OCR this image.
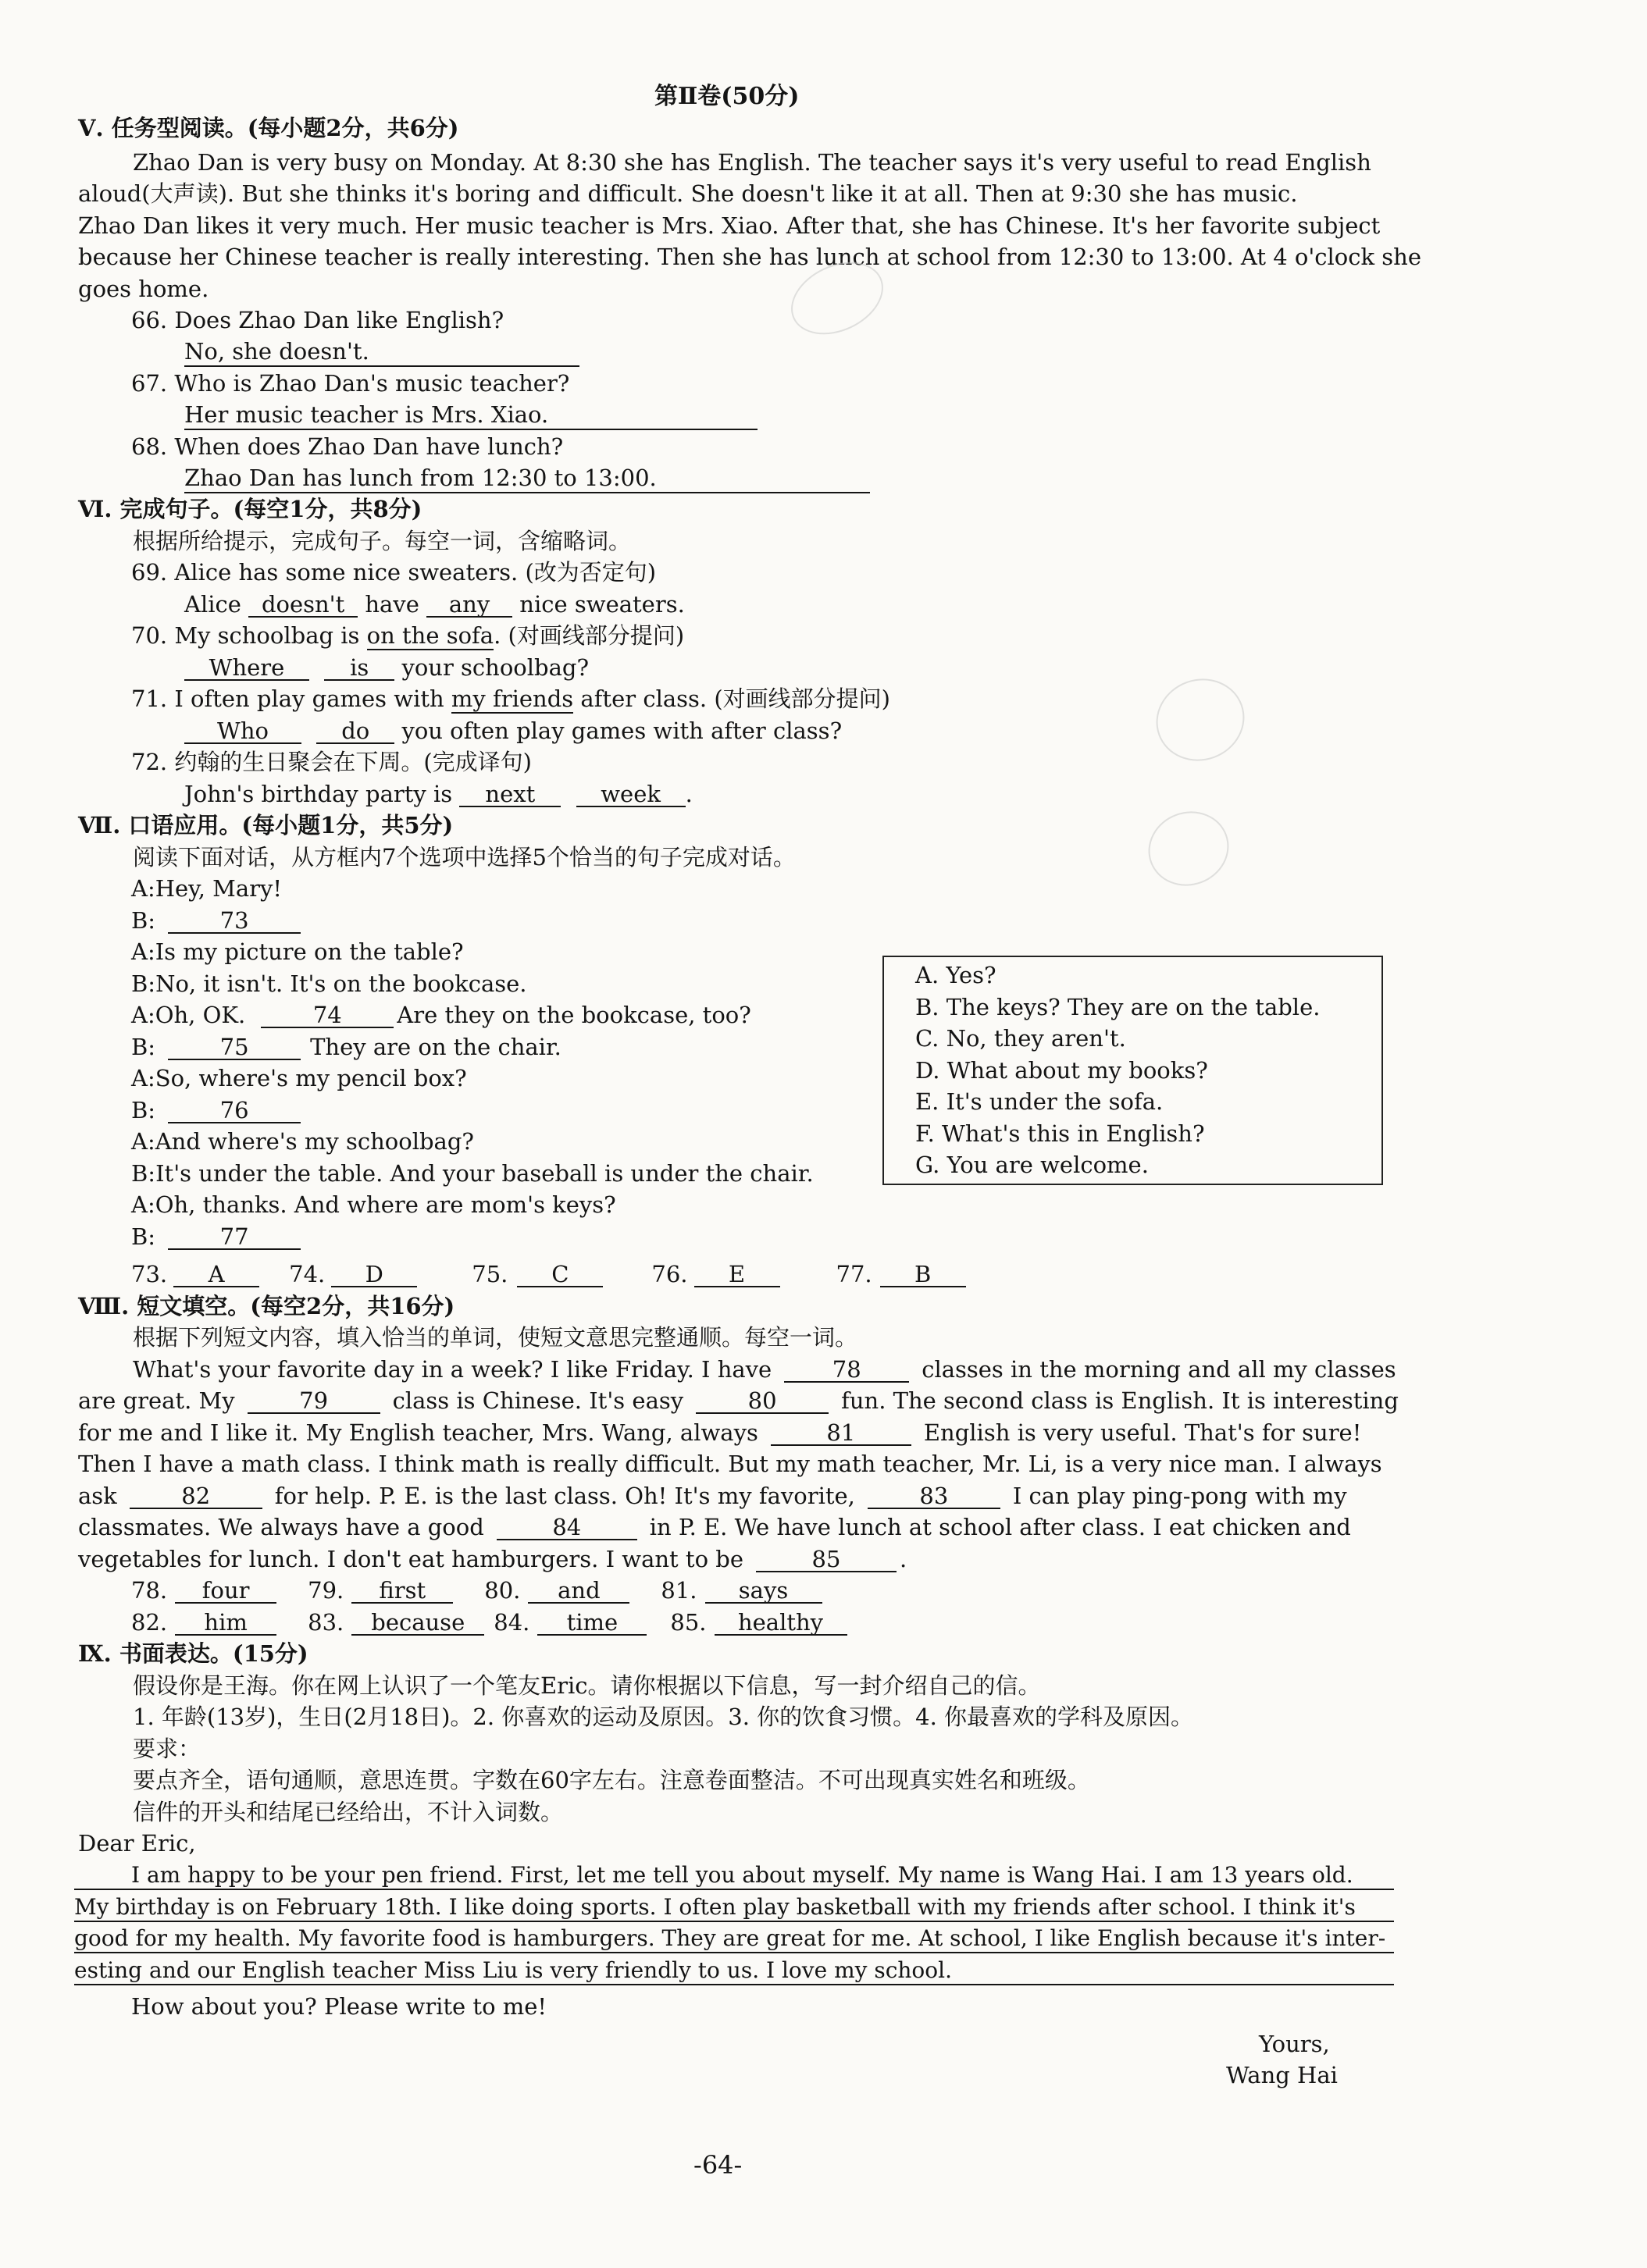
第Ⅱ卷(50分)
Ⅴ. 任务型阅读。(每小题2分，共6分)
Zhao Dan is very busy on Monday. At 8:30 she has English. The teacher says it's very useful to read English
aloud(大声读). But she thinks it's boring and difficult. She doesn't like it at all. Then at 9:30 she has music.
Zhao Dan likes it very much. Her music teacher is Mrs. Xiao. After that, she has Chinese. It's her favorite subject
because her Chinese teacher is really interesting. Then she has lunch at school from 12:30 to 13:00. At 4 o'clock she
goes home.
66. Does Zhao Dan like English?
No, she doesn't.
67. Who is Zhao Dan's music teacher?
Her music teacher is Mrs. Xiao.
68. When does Zhao Dan have lunch?
Zhao Dan has lunch from 12:30 to 13:00.
Ⅵ. 完成句子。(每空1分，共8分)
根据所给提示，完成句子。每空一词，含缩略词。
69. Alice has some nice sweaters. (改为否定句)
Alice doesn't have any nice sweaters.
70. My schoolbag is on the sofa. (对画线部分提问)
Where	is your schoolbag?
71. I often play games with my friends after class. (对画线部分提问)
Who	do you often play games with after class?
72. 约翰的生日聚会在下周。(完成译句)
John's birthday party is next	week .
Ⅶ. 口语应用。(每小题1分，共5分)
阅读下面对话，从方框内7个选项中选择5个恰当的句子完成对话。
A:Hey, Mary!
B:	73
A:Is my picture on the table?
B:No, it isn't. It's on the bookcase.
A:Oh, OK.	74 Are they on the bookcase, too?
B:	75	They are on the chair.
A:So, where's my pencil box?
B:	76
A:And where's my schoolbag?
B:It's under the table. And your baseball is under the chair.
A:Oh, thanks. And where are mom's keys?
B:	77
A. Yes?
B. The keys? They are on the table.
C. No, they aren't.
D. What about my books?
E. It's under the sofa.
F. What's this in English?
G. You are welcome.
73. A	74. D	75. C	76. E	77. B
Ⅷ. 短文填空。(每空2分，共16分)
根据下列短文内容，填入恰当的单词，使短文意思完整通顺。每空一词。
What's your favorite day in a week? I like Friday. I have	78	classes in the morning and all my classes
are great. My	79	class is Chinese. It's easy	80	fun. The second class is English. It is interesting
for me and I like it. My English teacher, Mrs. Wang, always	81	English is very useful. That's for sure!
Then I have a math class. I think math is really difficult. But my math teacher, Mr. Li, is a very nice man. I always
ask	82	for help. P. E. is the last class. Oh! It's my favorite,	83	I can play ping-pong with my
classmates. We always have a good	84	in P. E. We have lunch at school after class. I eat chicken and
vegetables for lunch. I don't eat hamburgers. I want to be	85	.
78. four	79. first	80. and	81. says
82. him	83. because 84. time 85. healthy
Ⅸ. 书面表达。(15分)
假设你是王海。你在网上认识了一个笔友Eric。请你根据以下信息，写一封介绍自己的信。
1. 年龄(13岁)，生日(2月18日)。2. 你喜欢的运动及原因。3. 你的饮食习惯。4. 你最喜欢的学科及原因。
要求：
要点齐全，语句通顺，意思连贯。字数在60字左右。注意卷面整洁。不可出现真实姓名和班级。
信件的开头和结尾已经给出，不计入词数。
Dear Eric,
I am happy to be your pen friend. First, let me tell you about myself. My name is Wang Hai. I am 13 years old.
My birthday is on February 18th. I like doing sports. I often play basketball with my friends after school. I think it's
good for my health. My favorite food is hamburgers. They are great for me. At school, I like English because it's inter-
esting and our English teacher Miss Liu is very friendly to us. I love my school.
How about you? Please write to me!
Yours,
Wang Hai
-64-
